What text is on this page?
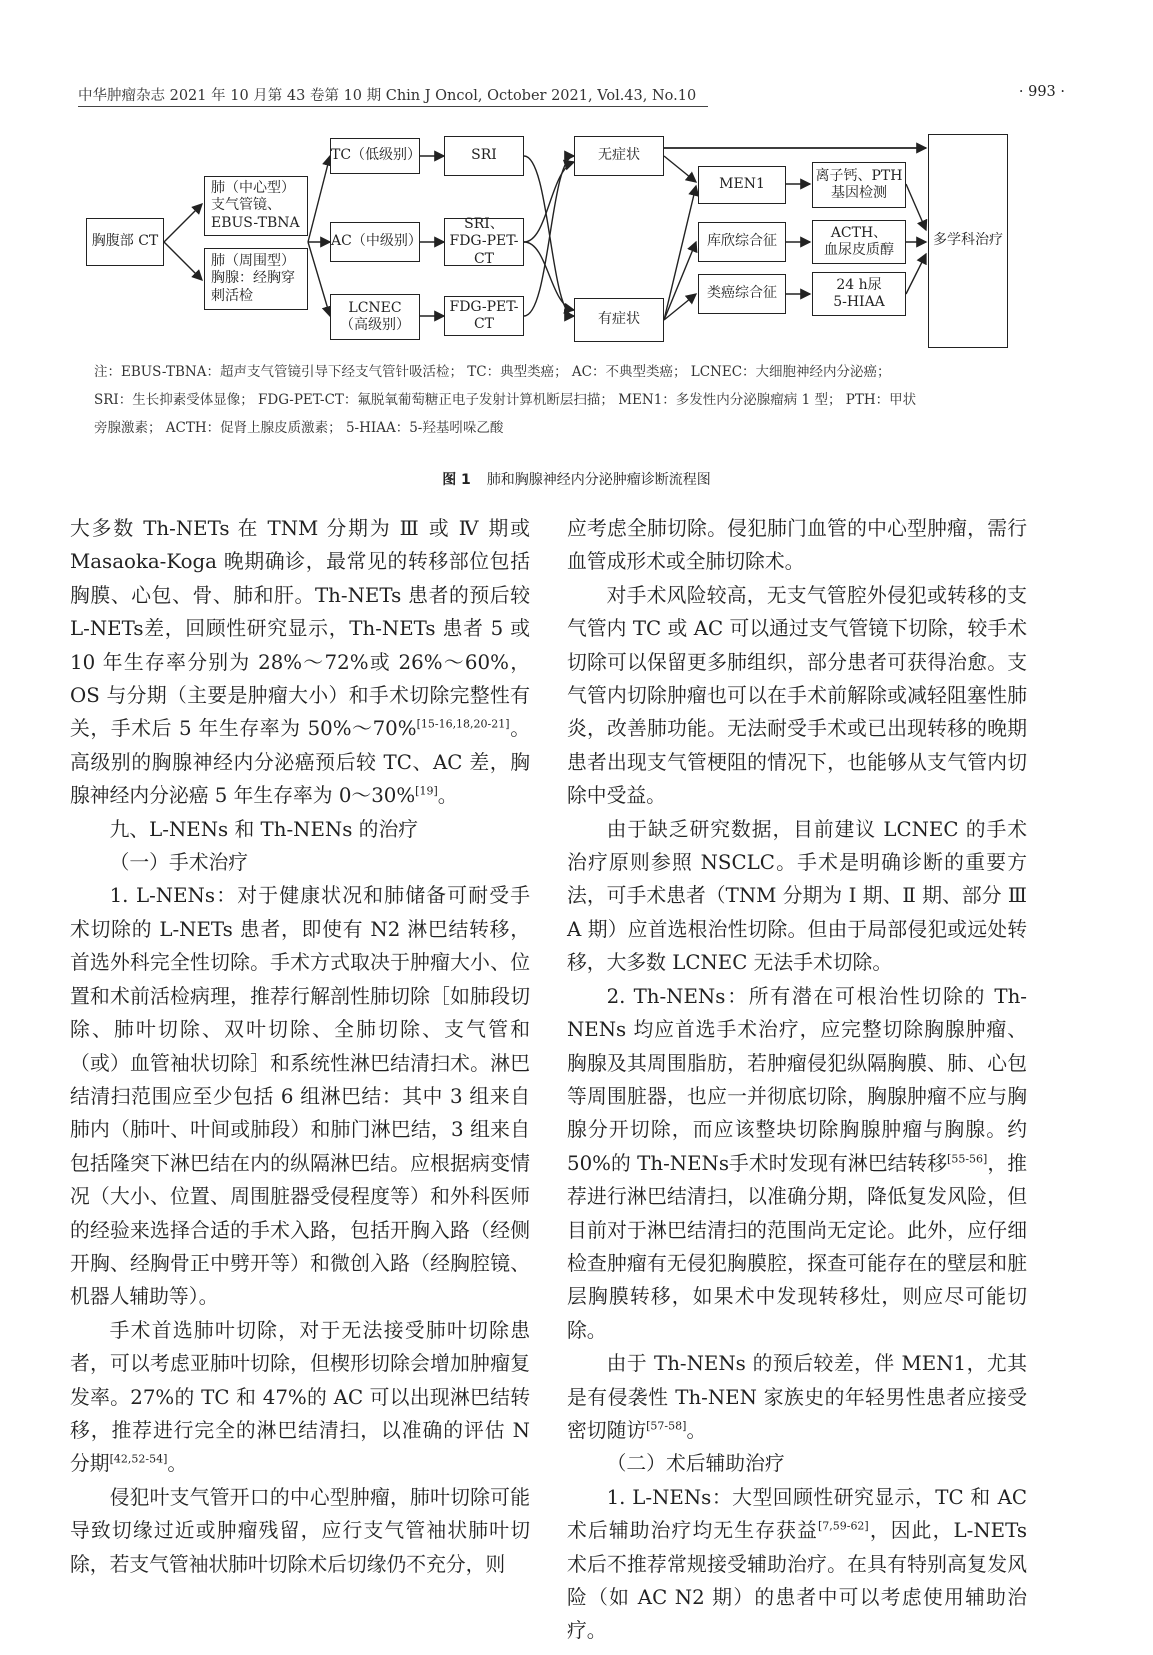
中华肿瘤杂志 2021 年 10 月第 43 卷第 10 期 Chin J Oncol, October 2021, Vol.43, No.10	· 993 ·
胸腹部 CT
肺（中心型）
支气管镜、
EBUS-TBNA
肺（周围型）
胸腺：经胸穿
刺活检
TC（低级别）
AC（中级别）
LCNEC
（高级别）
SRI
SRI、
FDG-PET-CT
FDG-PET-CT
无症状
有症状
MEN1
库欣综合征
类癌综合征
离子钙、PTH
基因检测
ACTH、
血尿皮质醇
24 h尿
5-HIAA
多学科治疗
注：EBUS-TBNA：超声支气管镜引导下经支气管针吸活检； TC：典型类癌； AC：不典型类癌； LCNEC：大细胞神经内分泌癌；
SRI：生长抑素受体显像； FDG-PET-CT：氟脱氧葡萄糖正电子发射计算机断层扫描； MEN1：多发性内分泌腺瘤病 1 型； PTH：甲状
旁腺激素； ACTH：促肾上腺皮质激素； 5-HIAA：5-羟基吲哚乙酸
图 1 肺和胸腺神经内分泌肿瘤诊断流程图

大多数 Th-NETs 在 TNM 分期为 Ⅲ 或 Ⅳ 期或 Masaoka-Koga 晚期确诊，最常见的转移部位包括胸膜、心包、骨、肺和肝。Th-NETs 患者的预后较 L-NETs差，回顾性研究显示，Th-NETs 患者 5 或 10 年生存率分别为 28%～72%或 26%～60%，OS 与分期（主要是肿瘤大小）和手术切除完整性有关，手术后 5 年生存率为 50%～70%[15-16,18,20-21]。高级别的胸腺神经内分泌癌预后较 TC、AC 差，胸腺神经内分泌癌 5 年生存率为 0～30%[19]。

九、L-NENs 和 Th-NENs 的治疗

（一）手术治疗

1. L-NENs：对于健康状况和肺储备可耐受手术切除的 L-NETs 患者，即使有 N2 淋巴结转移，首选外科完全性切除。手术方式取决于肿瘤大小、位置和术前活检病理，推荐行解剖性肺切除［如肺段切除、肺叶切除、双叶切除、全肺切除、支气管和（或）血管袖状切除］和系统性淋巴结清扫术。淋巴结清扫范围应至少包括 6 组淋巴结：其中 3 组来自肺内（肺叶、叶间或肺段）和肺门淋巴结，3 组来自包括隆突下淋巴结在内的纵隔淋巴结。应根据病变情况（大小、位置、周围脏器受侵程度等）和外科医师的经验来选择合适的手术入路，包括开胸入路（经侧开胸、经胸骨正中劈开等）和微创入路（经胸腔镜、机器人辅助等）。

手术首选肺叶切除，对于无法接受肺叶切除患者，可以考虑亚肺叶切除，但楔形切除会增加肿瘤复发率。27%的 TC 和 47%的 AC 可以出现淋巴结转移，推荐进行完全的淋巴结清扫，以准确的评估 N 分期[42,52-54]。

侵犯叶支气管开口的中心型肿瘤，肺叶切除可能导致切缘过近或肿瘤残留，应行支气管袖状肺叶切除，若支气管袖状肺叶切除术后切缘仍不充分，则

应考虑全肺切除。侵犯肺门血管的中心型肿瘤，需行血管成形术或全肺切除术。

对手术风险较高，无支气管腔外侵犯或转移的支气管内 TC 或 AC 可以通过支气管镜下切除，较手术切除可以保留更多肺组织，部分患者可获得治愈。支气管内切除肿瘤也可以在手术前解除或减轻阻塞性肺炎，改善肺功能。无法耐受手术或已出现转移的晚期患者出现支气管梗阻的情况下，也能够从支气管内切除中受益。

由于缺乏研究数据，目前建议 LCNEC 的手术治疗原则参照 NSCLC。手术是明确诊断的重要方法，可手术患者（TNM 分期为 Ⅰ 期、Ⅱ 期、部分 Ⅲ A 期）应首选根治性切除。但由于局部侵犯或远处转移，大多数 LCNEC 无法手术切除。

2. Th-NENs：所有潜在可根治性切除的 Th-NENs 均应首选手术治疗，应完整切除胸腺肿瘤、胸腺及其周围脂肪，若肿瘤侵犯纵隔胸膜、肺、心包等周围脏器，也应一并彻底切除，胸腺肿瘤不应与胸腺分开切除，而应该整块切除胸腺肿瘤与胸腺。约 50%的 Th-NENs手术时发现有淋巴结转移[55-56]，推荐进行淋巴结清扫，以准确分期，降低复发风险，但目前对于淋巴结清扫的范围尚无定论。此外，应仔细检查肿瘤有无侵犯胸膜腔，探查可能存在的壁层和脏层胸膜转移，如果术中发现转移灶，则应尽可能切除。

由于 Th-NENs 的预后较差，伴 MEN1，尤其是有侵袭性 Th-NEN 家族史的年轻男性患者应接受密切随访[57-58]。

（二）术后辅助治疗

1. L-NENs：大型回顾性研究显示，TC 和 AC 术后辅助治疗均无生存获益[7,59-62]，因此，L-NETs 术后不推荐常规接受辅助治疗。在具有特别高复发风险（如 AC N2 期）的患者中可以考虑使用辅助治疗。
